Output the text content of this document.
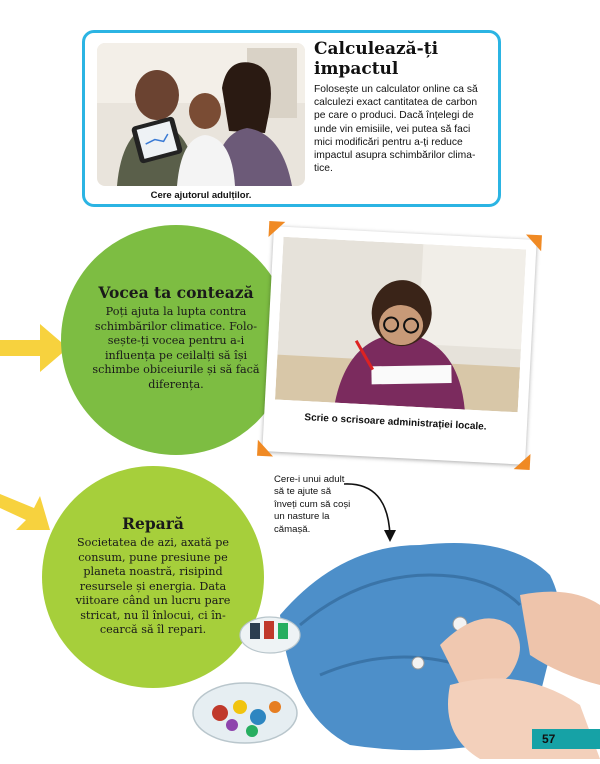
Cere ajutorul adulților.
Calculează-ți
impactul
Folosește un calculator online ca să
calculezi exact cantitatea de carbon
pe care o produci. Dacă înțelegi de
unde vin emisiile, vei putea să faci
mici modificări pentru a-ți reduce
impactul asupra schimbărilor clima-
tice.
Vocea ta contează
Poți ajuta la lupta contra
schimbărilor climatice. Folo-
sește-ți vocea pentru a-i
influența pe ceilalți să își
schimbe obiceiurile și să facă
diferența.
Scrie o scrisoare administrației locale.
Repară
Societatea de azi, axată pe
consum, pune presiune pe
planeta noastră, risipind
resursele și energia. Data
viitoare când un lucru pare
stricat, nu îl înlocui, ci în-
cearcă să îl repari.
Cere-i unui adult
să te ajute să
înveți cum să coși
un nasture la
cămașă.
57
